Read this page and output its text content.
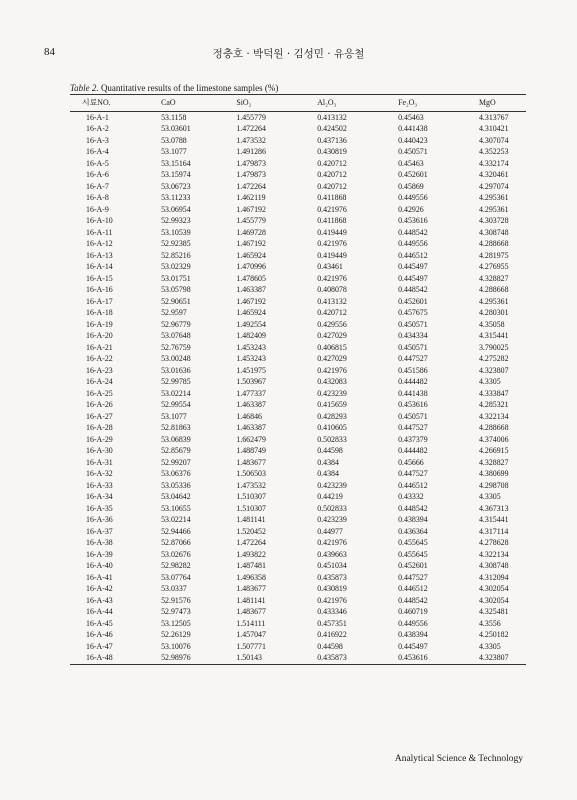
84	정충호 · 박덕원 · 김성민 · 유응철
Table 2. Quantitative results of the limestone samples (%)
시료NO.	CaO	SiO₂	Al₂O₃	Fe₂O₃	MgO
16-A-1	53.1158	1.455779	0.413132	0.45463	4.313767
16-A-2	53.03601	1.472264	0.424502	0.441438	4.310421
16-A-3	53.0788	1.473532	0.437136	0.440423	4.307074
16-A-4	53.1077	1.491286	0.430819	0.450571	4.352253
16-A-5	53.15164	1.479873	0.420712	0.45463	4.332174
16-A-6	53.15974	1.479873	0.420712	0.452601	4.320461
16-A-7	53.06723	1.472264	0.420712	0.45869	4.297074
16-A-8	53.11233	1.462119	0.411868	0.449556	4.295361
16-A-9	53.06954	1.467192	0.421976	0.42926	4.295361
16-A-10	52.99323	1.455779	0.411868	0.453616	4.303728
16-A-11	53.10539	1.469728	0.419449	0.448542	4.308748
16-A-12	52.92385	1.467192	0.421976	0.449556	4.288668
16-A-13	52.85216	1.465924	0.419449	0.446512	4.281975
16-A-14	53.02329	1.470996	0.43461	0.445497	4.276955
16-A-15	53.01751	1.478605	0.421976	0.445497	4.328827
16-A-16	53.05798	1.463387	0.408078	0.448542	4.288668
16-A-17	52.90651	1.467192	0.413132	0.452601	4.295361
16-A-18	52.9597	1.465924	0.420712	0.457675	4.280301
16-A-19	52.96779	1.492554	0.429556	0.450571	4.35058
16-A-20	53.07648	1.482409	0.427029	0.434334	4.315441
16-A-21	52.76759	1.453243	0.406815	0.450571	3.790025
16-A-22	53.00248	1.453243	0.427029	0.447527	4.275282
16-A-23	53.01636	1.451975	0.421976	0.451586	4.323807
16-A-24	52.99785	1.503967	0.432083	0.444482	4.3305
16-A-25	53.02214	1.477337	0.423239	0.441438	4.333847
16-A-26	52.99554	1.463387	0.415659	0.453616	4.285321
16-A-27	53.1077	1.46846	0.428293	0.450571	4.322134
16-A-28	52.81863	1.463387	0.410605	0.447527	4.288668
16-A-29	53.06839	1.662479	0.502833	0.437379	4.374006
16-A-30	52.85679	1.488749	0.44598	0.444482	4.266915
16-A-31	52.99207	1.483677	0.4384	0.45666	4.328827
16-A-32	53.06376	1.506503	0.4384	0.447527	4.380699
16-A-33	53.05336	1.473532	0.423239	0.446512	4.298708
16-A-34	53.04642	1.510307	0.44219	0.43332	4.3305
16-A-35	53.10655	1.510307	0.502833	0.448542	4.367313
16-A-36	53.02214	1.481141	0.423239	0.438394	4.315441
16-A-37	52.94466	1.520452	0.44977	0.436364	4.317114
16-A-38	52.87066	1.472264	0.421976	0.455645	4.278628
16-A-39	53.02676	1.493822	0.439663	0.455645	4.322134
16-A-40	52.98282	1.487481	0.451034	0.452601	4.308748
16-A-41	53.07764	1.496358	0.435873	0.447527	4.312094
16-A-42	53.0337	1.483677	0.430819	0.446512	4.302054
16-A-43	52.91576	1.481141	0.421976	0.448542	4.302054
16-A-44	52.97473	1.483677	0.433346	0.460719	4.325481
16-A-45	53.12505	1.514111	0.457351	0.449556	4.3556
16-A-46	52.26129	1.457047	0.416922	0.438394	4.250182
16-A-47	53.10076	1.507771	0.44598	0.445497	4.3305
16-A-48	52.98976	1.50143	0.435873	0.453616	4.323807
Analytical Science & Technology
